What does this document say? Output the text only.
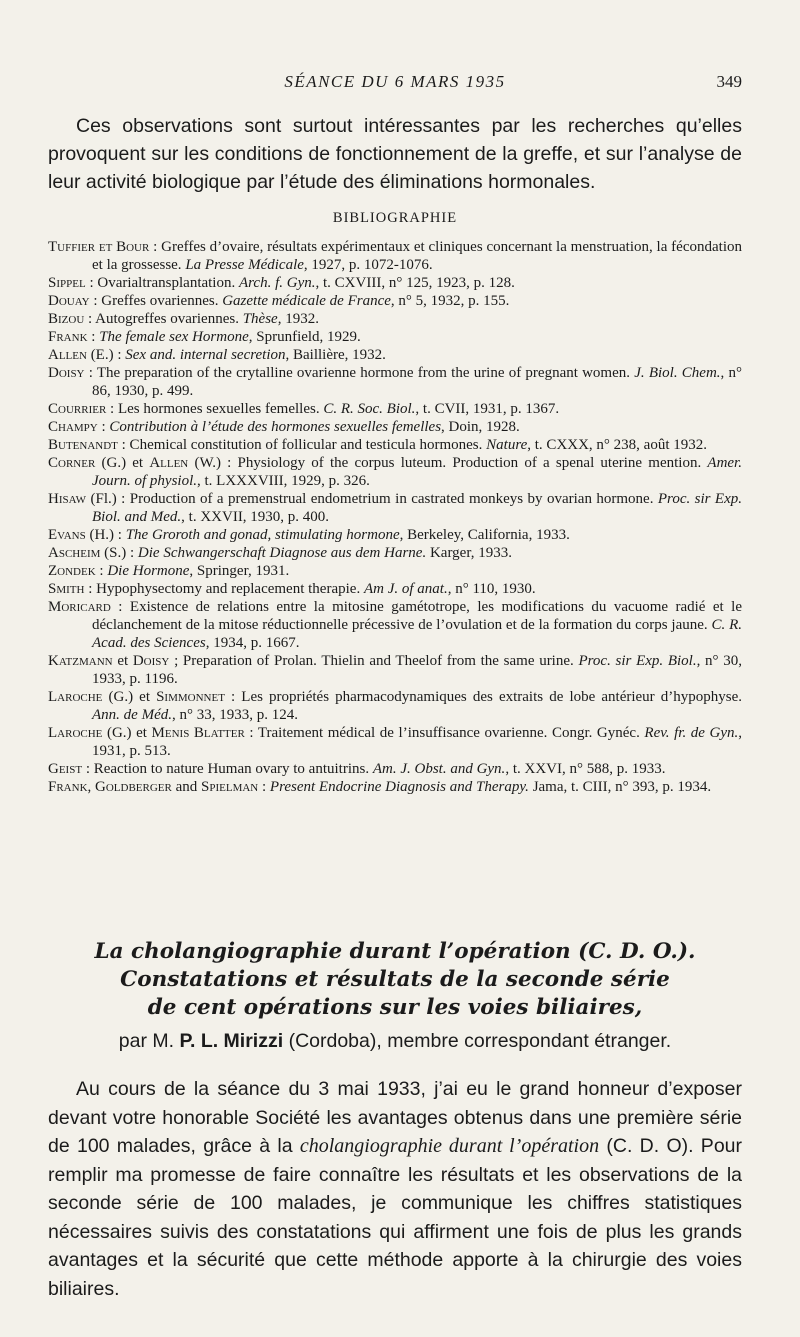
SÉANCE DU 6 MARS 1935	349

Ces observations sont surtout intéressantes par les recherches qu’elles provoquent sur les conditions de fonctionnement de la greffe, et sur l’analyse de leur activité biologique par l’étude des éliminations hormonales.

BIBLIOGRAPHIE
Tuffier et Bour : Greffes d’ovaire, résultats expérimentaux et cliniques concernant la menstruation, la fécondation et la grossesse. La Presse Médicale, 1927, p. 1072-1076.
Sippel : Ovarialtransplantation. Arch. f. Gyn., t. CXVIII, n° 125, 1923, p. 128.
Douay : Greffes ovariennes. Gazette médicale de France, n° 5, 1932, p. 155.
Bizou : Autogreffes ovariennes. Thèse, 1932.
Frank : The female sex Hormone, Sprunfield, 1929.
Allen (E.) : Sex and. internal secretion, Baillière, 1932.
Doisy : The preparation of the crytalline ovarienne hormone from the urine of pregnant women. J. Biol. Chem., n° 86, 1930, p. 499.
Courrier : Les hormones sexuelles femelles. C. R. Soc. Biol., t. CVII, 1931, p. 1367.
Champy : Contribution à l’étude des hormones sexuelles femelles, Doin, 1928.
Butenandt : Chemical constitution of follicular and testicula hormones. Nature, t. CXXX, n° 238, août 1932.
Corner (G.) et Allen (W.) : Physiology of the corpus luteum. Production of a spenal uterine mention. Amer. Journ. of physiol., t. LXXXVIII, 1929, p. 326.
Hisaw (Fl.) : Production of a premenstrual endometrium in castrated monkeys by ovarian hormone. Proc. sir Exp. Biol. and Med., t. XXVII, 1930, p. 400.
Evans (H.) : The Groroth and gonad, stimulating hormone, Berkeley, California, 1933.
Ascheim (S.) : Die Schwangerschaft Diagnose aus dem Harne. Karger, 1933.
Zondek : Die Hormone, Springer, 1931.
Smith : Hypophysectomy and replacement therapie. Am J. of anat., n° 110, 1930.
Moricard : Existence de relations entre la mitosine gamétotrope, les modifications du vacuome radié et le déclanchement de la mitose réductionnelle précessive de l’ovulation et de la formation du corps jaune. C. R. Acad. des Sciences, 1934, p. 1667.
Katzmann et Doisy ; Preparation of Prolan. Thielin and Theelof from the same urine. Proc. sir Exp. Biol., n° 30, 1933, p. 1196.
Laroche (G.) et Simmonnet : Les propriétés pharmacodynamiques des extraits de lobe antérieur d’hypophyse. Ann. de Méd., n° 33, 1933, p. 124.
Laroche (G.) et Menis Blatter : Traitement médical de l’insuffisance ovarienne. Congr. Gynéc. Rev. fr. de Gyn., 1931, p. 513.
Geist : Reaction to nature Human ovary to antuitrins. Am. J. Obst. and Gyn., t. XXVI, n° 588, p. 1933.
Frank, Goldberger and Spielman : Present Endocrine Diagnosis and Therapy. Jama, t. CIII, n° 393, p. 1934.
La cholangiographie durant l’opération (C. D. O.).
Constatations et résultats de la seconde série
de cent opérations sur les voies biliaires,
par M. P. L. Mirizzi (Cordoba), membre correspondant étranger.

Au cours de la séance du 3 mai 1933, j’ai eu le grand honneur d’exposer devant votre honorable Société les avantages obtenus dans une première série de 100 malades, grâce à la cholangiographie durant l’opération (C. D. O). Pour remplir ma promesse de faire connaître les résultats et les observations de la seconde série de 100 malades, je communique les chiffres statistiques nécessaires suivis des constatations qui affirment une fois de plus les grands avantages et la sécurité que cette méthode apporte à la chirurgie des voies biliaires.
